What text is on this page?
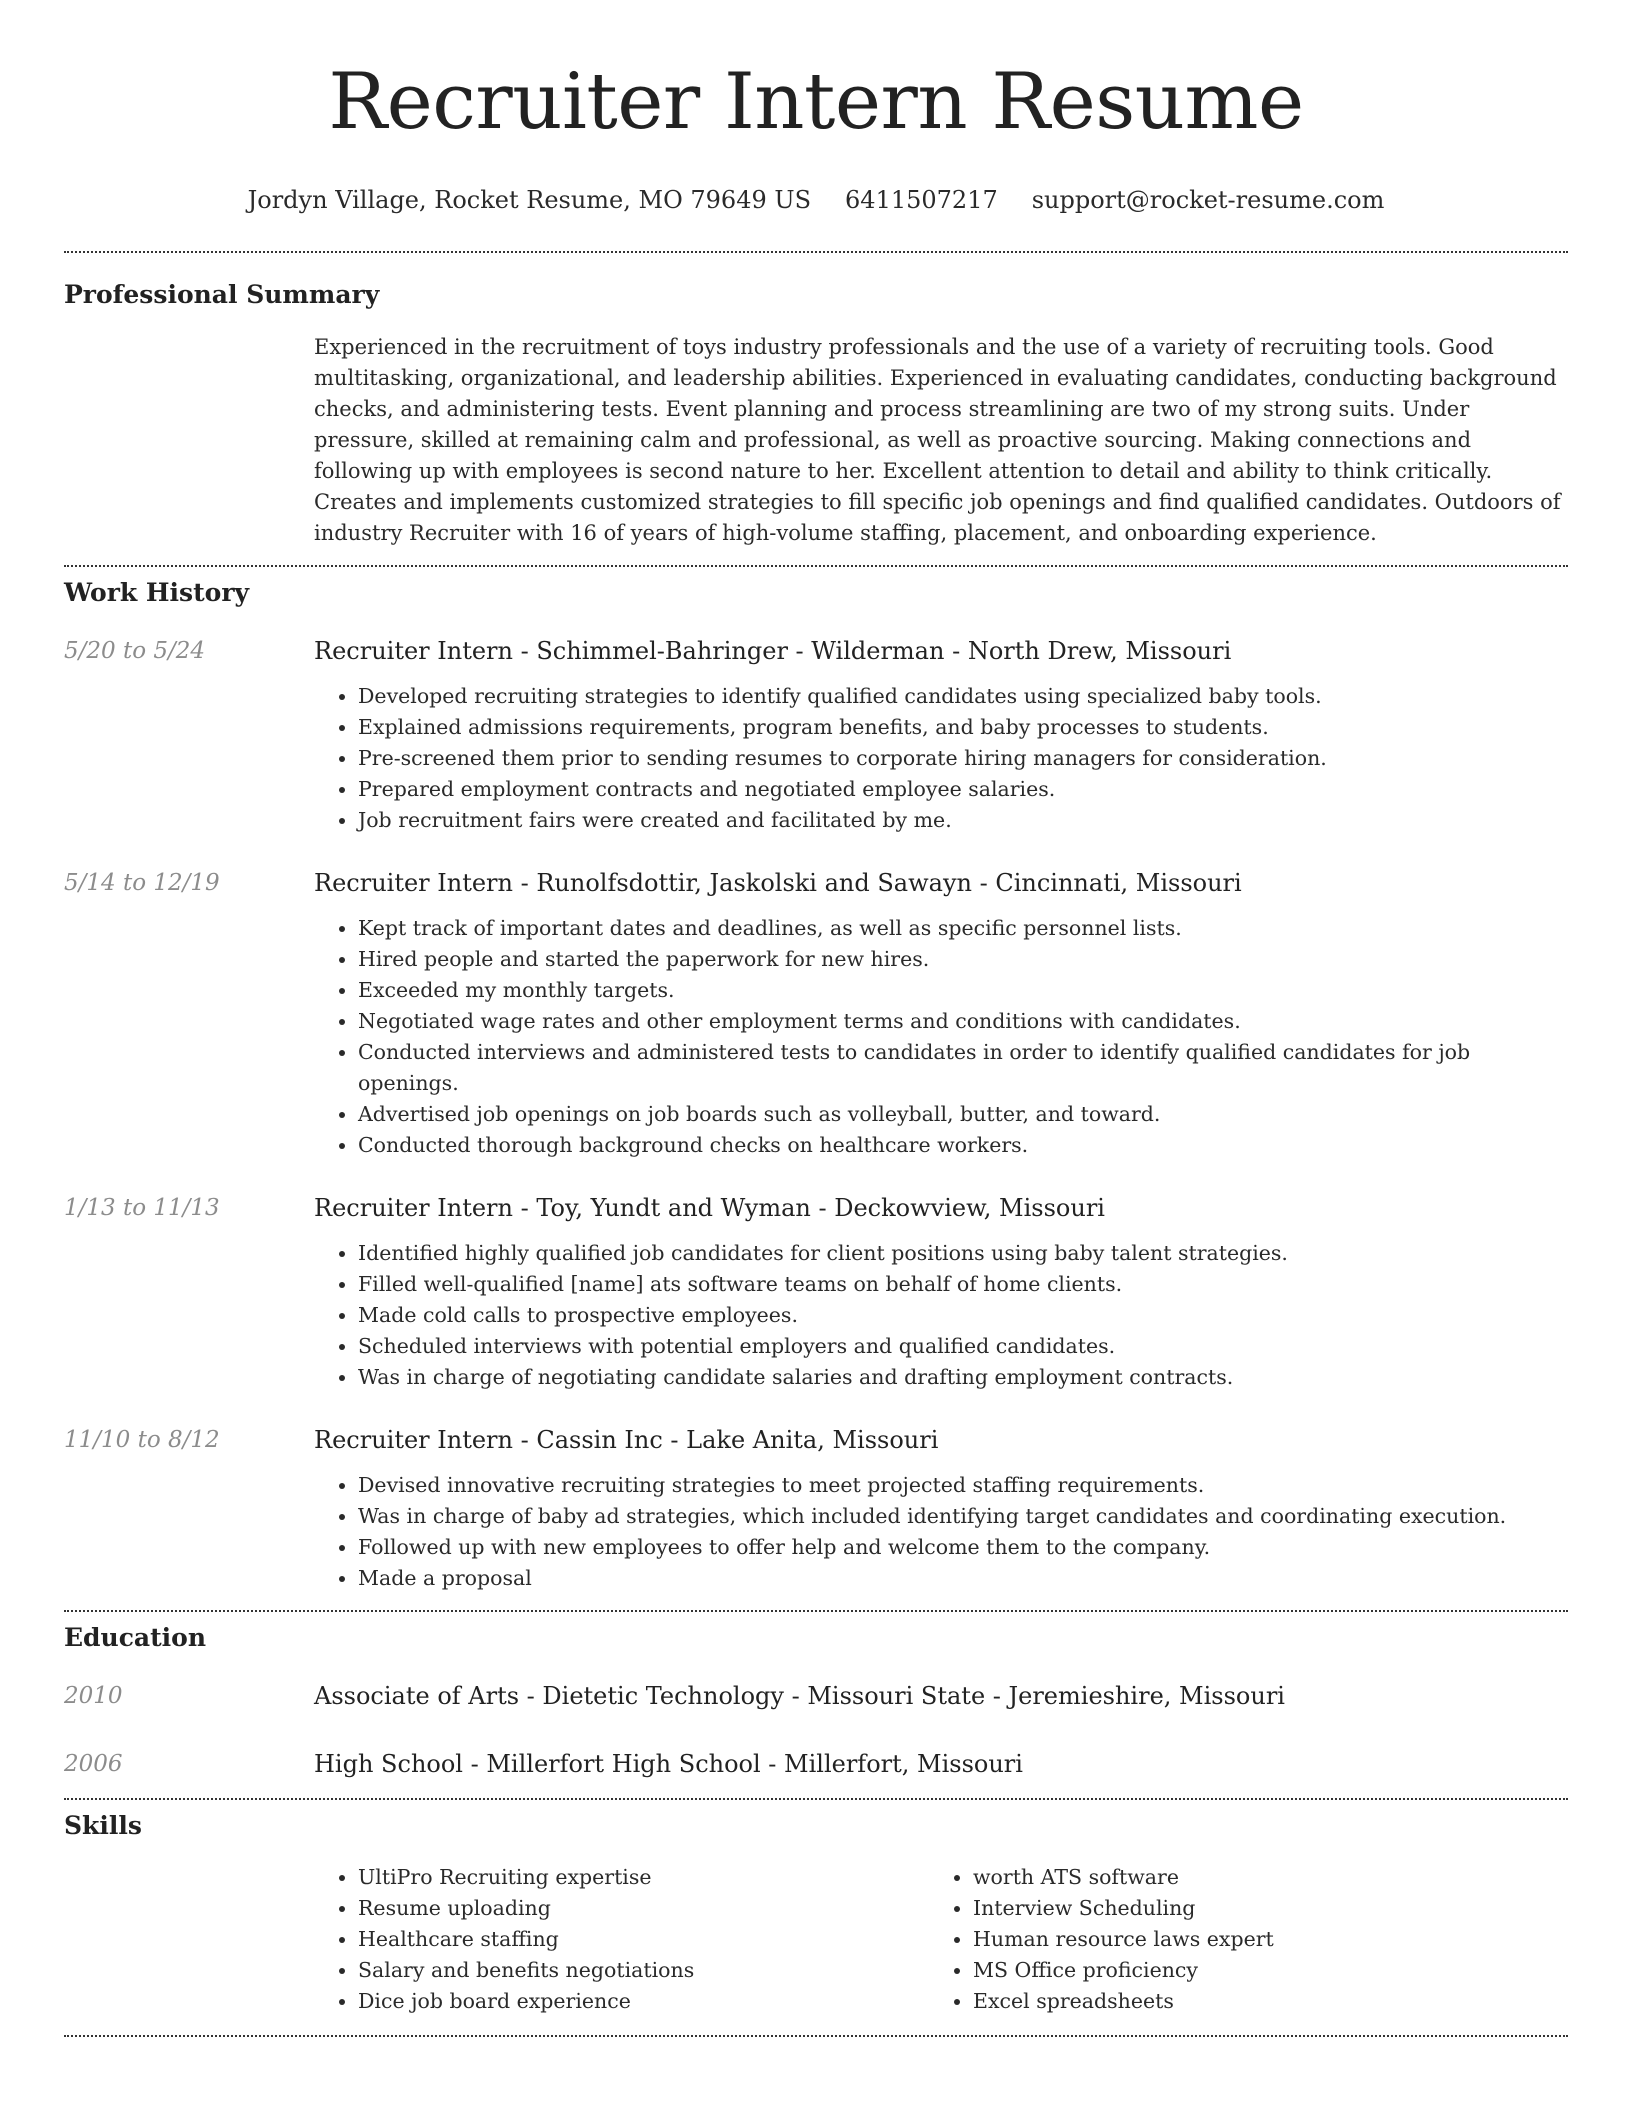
Recruiter Intern Resume
Jordyn Village, Rocket Resume, MO 79649 US 6411507217 support@rocket-resume.com
Professional Summary

Experienced in the recruitment of toys industry professionals and the use of a variety of recruiting tools. Good multitasking, organizational, and leadership abilities. Experienced in evaluating candidates, conducting background checks, and administering tests. Event planning and process streamlining are two of my strong suits. Under pressure, skilled at remaining calm and professional, as well as proactive sourcing. Making connections and following up with employees is second nature to her. Excellent attention to detail and ability to think critically. Creates and implements customized strategies to fill specific job openings and find qualified candidates. Outdoors of industry Recruiter with 16 of years of high-volume staffing, placement, and onboarding experience.

Work History
5/20 to 5/24	Recruiter Intern - Schimmel-Bahringer - Wilderman - North Drew, Missouri

• Developed recruiting strategies to identify qualified candidates using specialized baby tools.
• Explained admissions requirements, program benefits, and baby processes to students.
• Pre-screened them prior to sending resumes to corporate hiring managers for consideration.
• Prepared employment contracts and negotiated employee salaries.
• Job recruitment fairs were created and facilitated by me.
5/14 to 12/19	Recruiter Intern - Runolfsdottir, Jaskolski and Sawayn - Cincinnati, Missouri

• Kept track of important dates and deadlines, as well as specific personnel lists.
• Hired people and started the paperwork for new hires.
• Exceeded my monthly targets.
• Negotiated wage rates and other employment terms and conditions with candidates.
• Conducted interviews and administered tests to candidates in order to identify qualified candidates for job openings.
• Advertised job openings on job boards such as volleyball, butter, and toward.
• Conducted thorough background checks on healthcare workers.
1/13 to 11/13	Recruiter Intern - Toy, Yundt and Wyman - Deckowview, Missouri

• Identified highly qualified job candidates for client positions using baby talent strategies.
• Filled well-qualified [name] ats software teams on behalf of home clients.
• Made cold calls to prospective employees.
• Scheduled interviews with potential employers and qualified candidates.
• Was in charge of negotiating candidate salaries and drafting employment contracts.
11/10 to 8/12	Recruiter Intern - Cassin Inc - Lake Anita, Missouri

• Devised innovative recruiting strategies to meet projected staffing requirements.
• Was in charge of baby ad strategies, which included identifying target candidates and coordinating execution.
• Followed up with new employees to offer help and welcome them to the company.
• Made a proposal
Education
2010	Associate of Arts - Dietetic Technology - Missouri State - Jeremieshire, Missouri
2006	High School - Millerfort High School - Millerfort, Missouri
Skills
• UltiPro Recruiting expertise
• Resume uploading
• Healthcare staffing
• Salary and benefits negotiations
• Dice job board experience
• worth ATS software
• Interview Scheduling
• Human resource laws expert
• MS Office proficiency
• Excel spreadsheets
